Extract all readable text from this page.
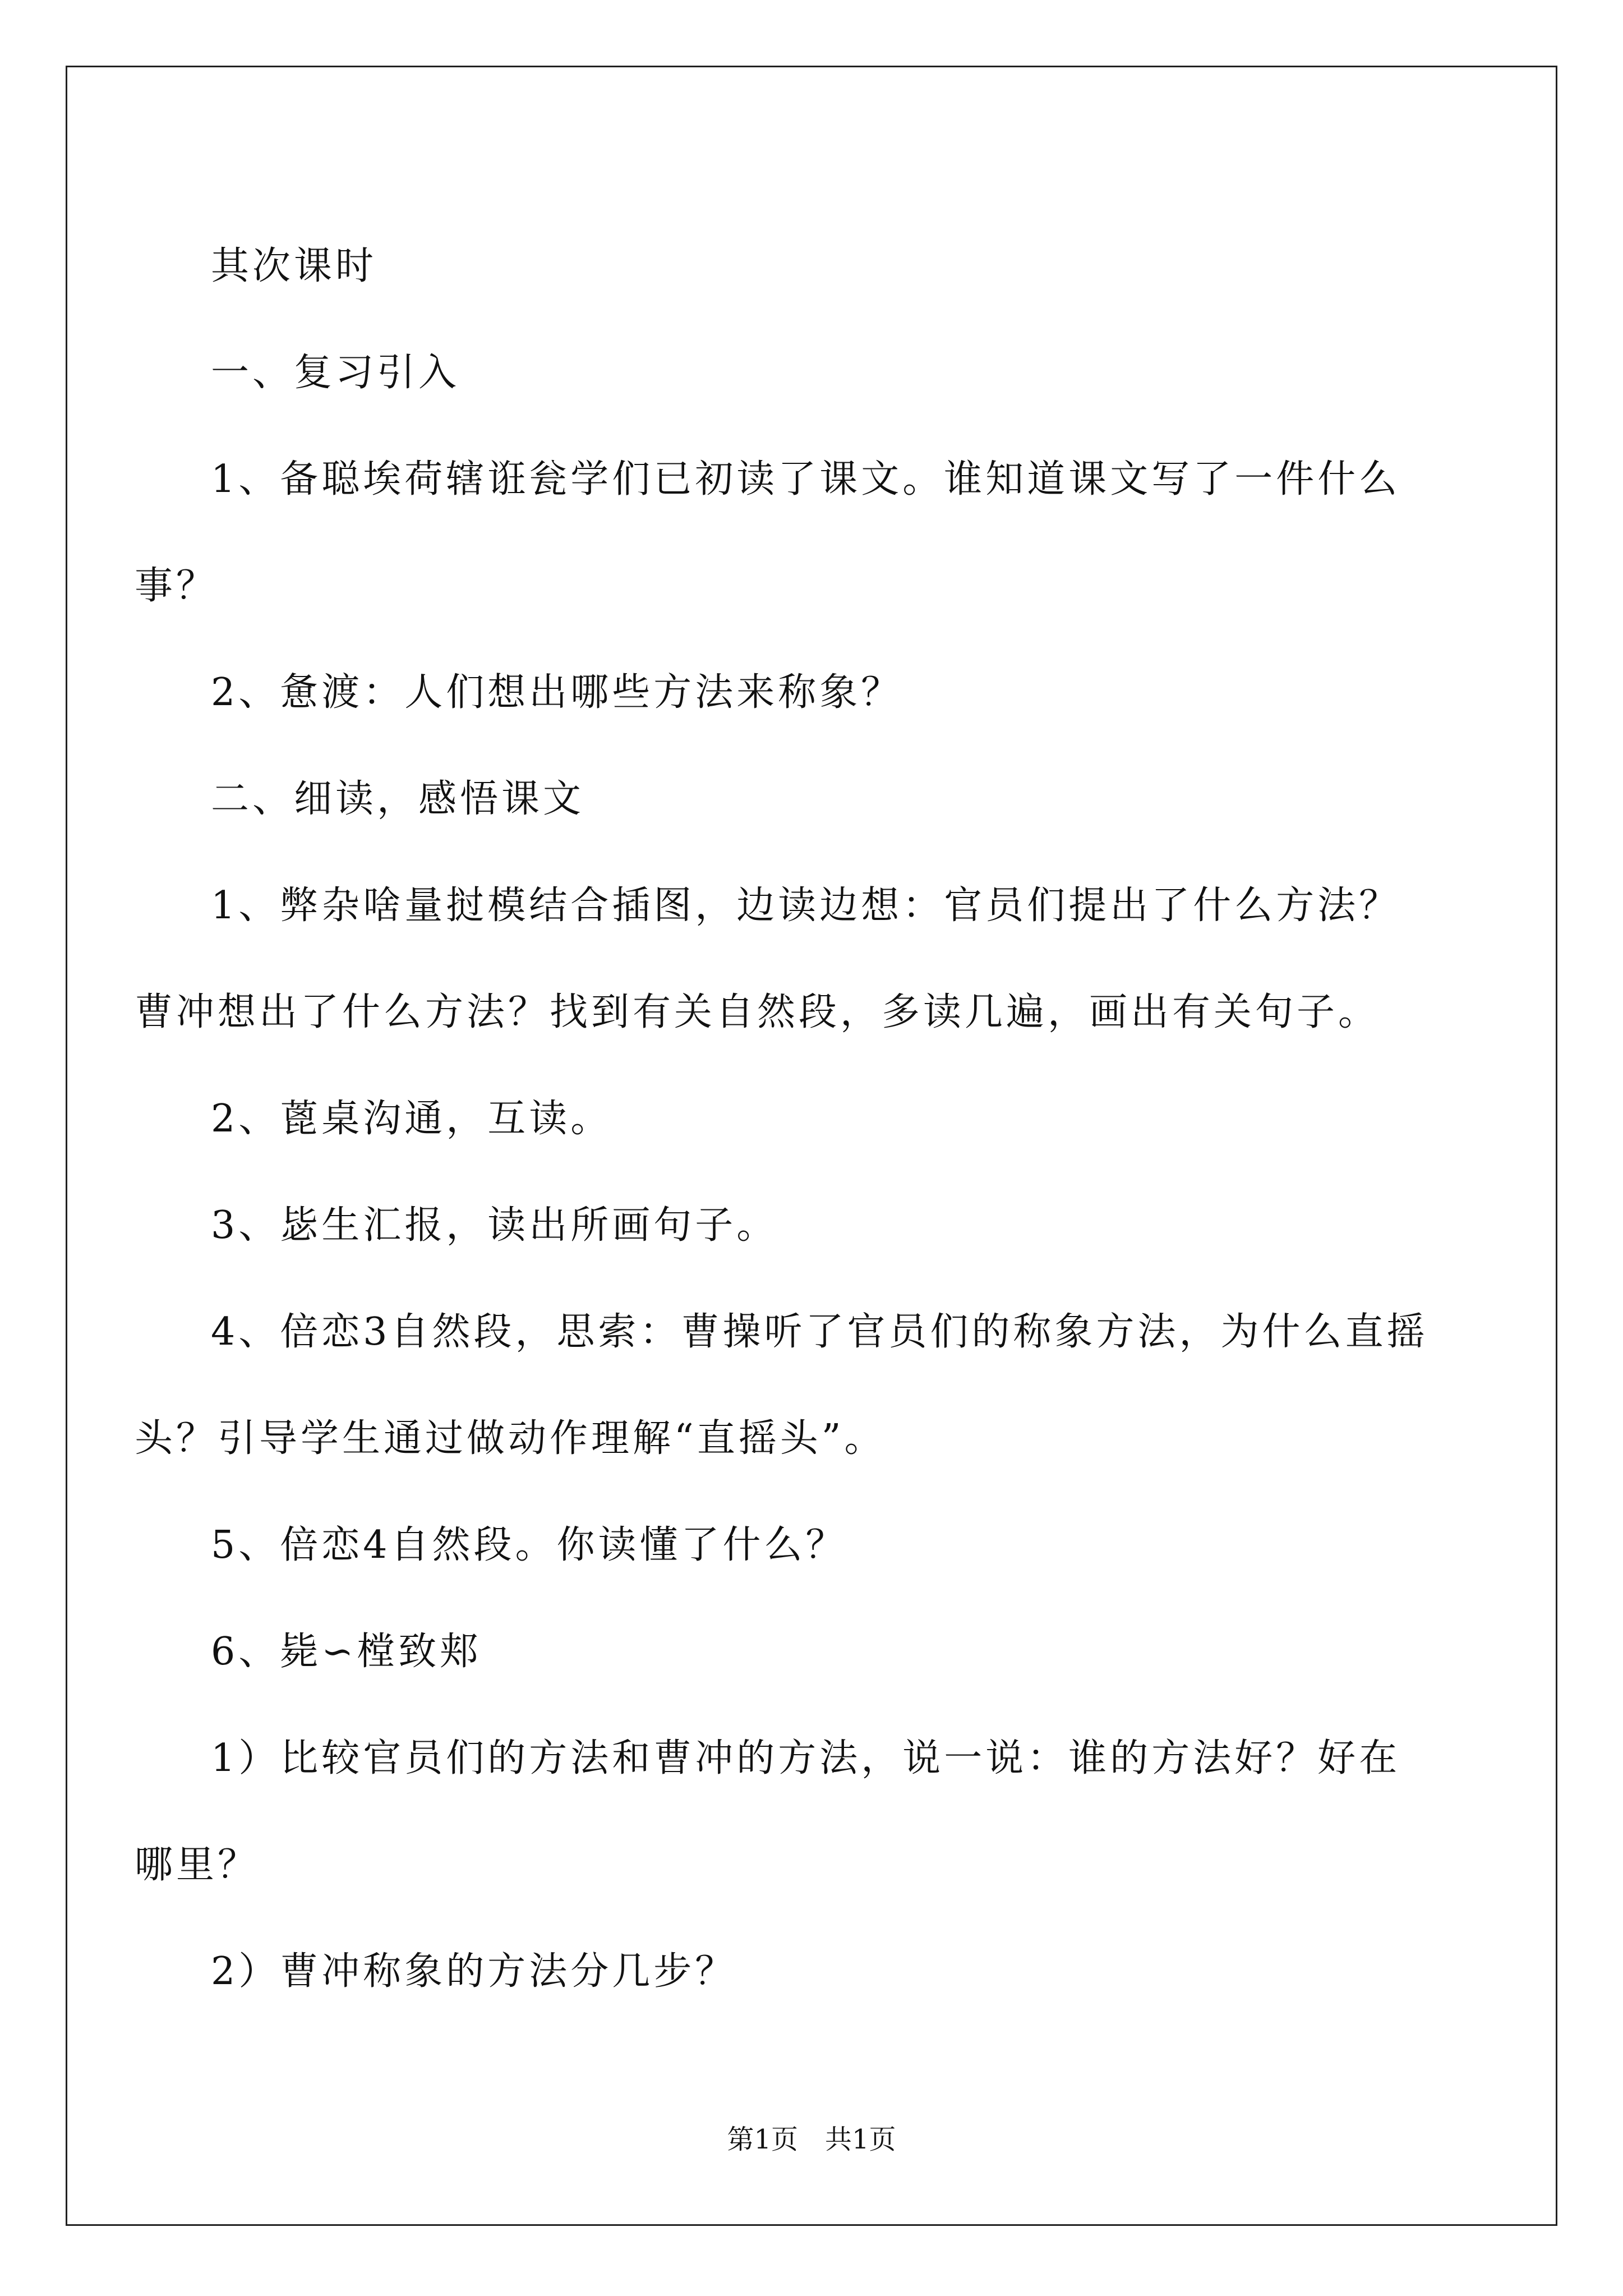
其次课时

一、复习引入

1、备聪埃荷辖诳瓮学们已初读了课文。谁知道课文写了一件什么事？

2、惫渡：人们想出哪些方法来称象？

二、细读，感悟课文

1、弊杂啥量挝模结合插图，边读边想：官员们提出了什么方法？曹冲想出了什么方法？找到有关自然段，多读几遍，画出有关句子。

2、蓖桌沟通，互读。

3、毖生汇报，读出所画句子。

4、倍恋3自然段，思索：曹操听了官员们的称象方法，为什么直摇头？引导学生通过做动作理解“直摇头”。

5、倍恋4自然段。你读懂了什么？

6、毙∽樘致郏

1）比较官员们的方法和曹冲的方法，说一说：谁的方法好？好在哪里？

2）曹冲称象的方法分几步？

第1页　共1页
